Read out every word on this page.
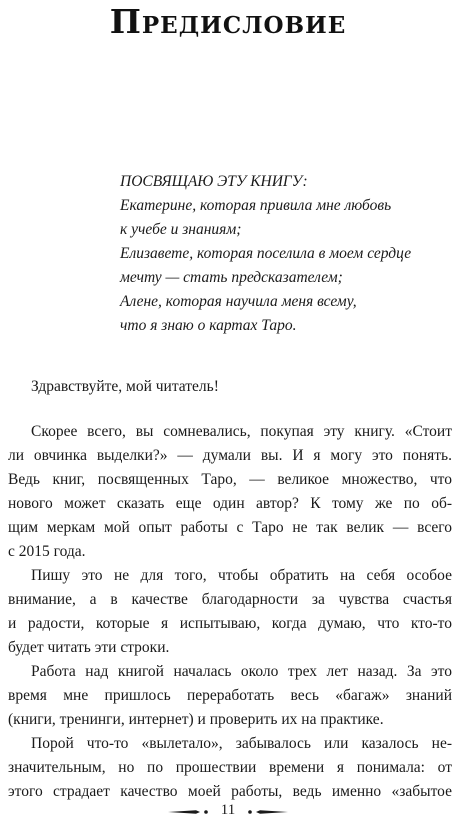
Предисловие
ПОСВЯЩАЮ ЭТУ КНИГУ:
Екатерине, которая привила мне любовь
к учебе и знаниям;
Елизавете, которая поселила в моем сердце
мечту — стать предсказателем;
Алене, которая научила меня всему,
что я знаю о картах Таро.
Здравствуйте, мой читатель!
Скорее всего, вы сомневались, покупая эту книгу. «Стоит
ли овчинка выделки?» — думали вы. И я могу это понять.
Ведь книг, посвященных Таро, — великое множество, что
нового может сказать еще один автор? К тому же по об-
щим меркам мой опыт работы с Таро не так велик — всего
с 2015 года.
Пишу это не для того, чтобы обратить на себя особое
внимание, а в качестве благодарности за чувства счастья
и радости, которые я испытываю, когда думаю, что кто-то
будет читать эти строки.
Работа над книгой началась около трех лет назад. За это
время мне пришлось переработать весь «багаж» знаний
(книги, тренинги, интернет) и проверить их на практике.
Порой что-то «вылетало», забывалось или казалось не-
значительным, но по прошествии времени я понимала: от
этого страдает качество моей работы, ведь именно «забытое
11
